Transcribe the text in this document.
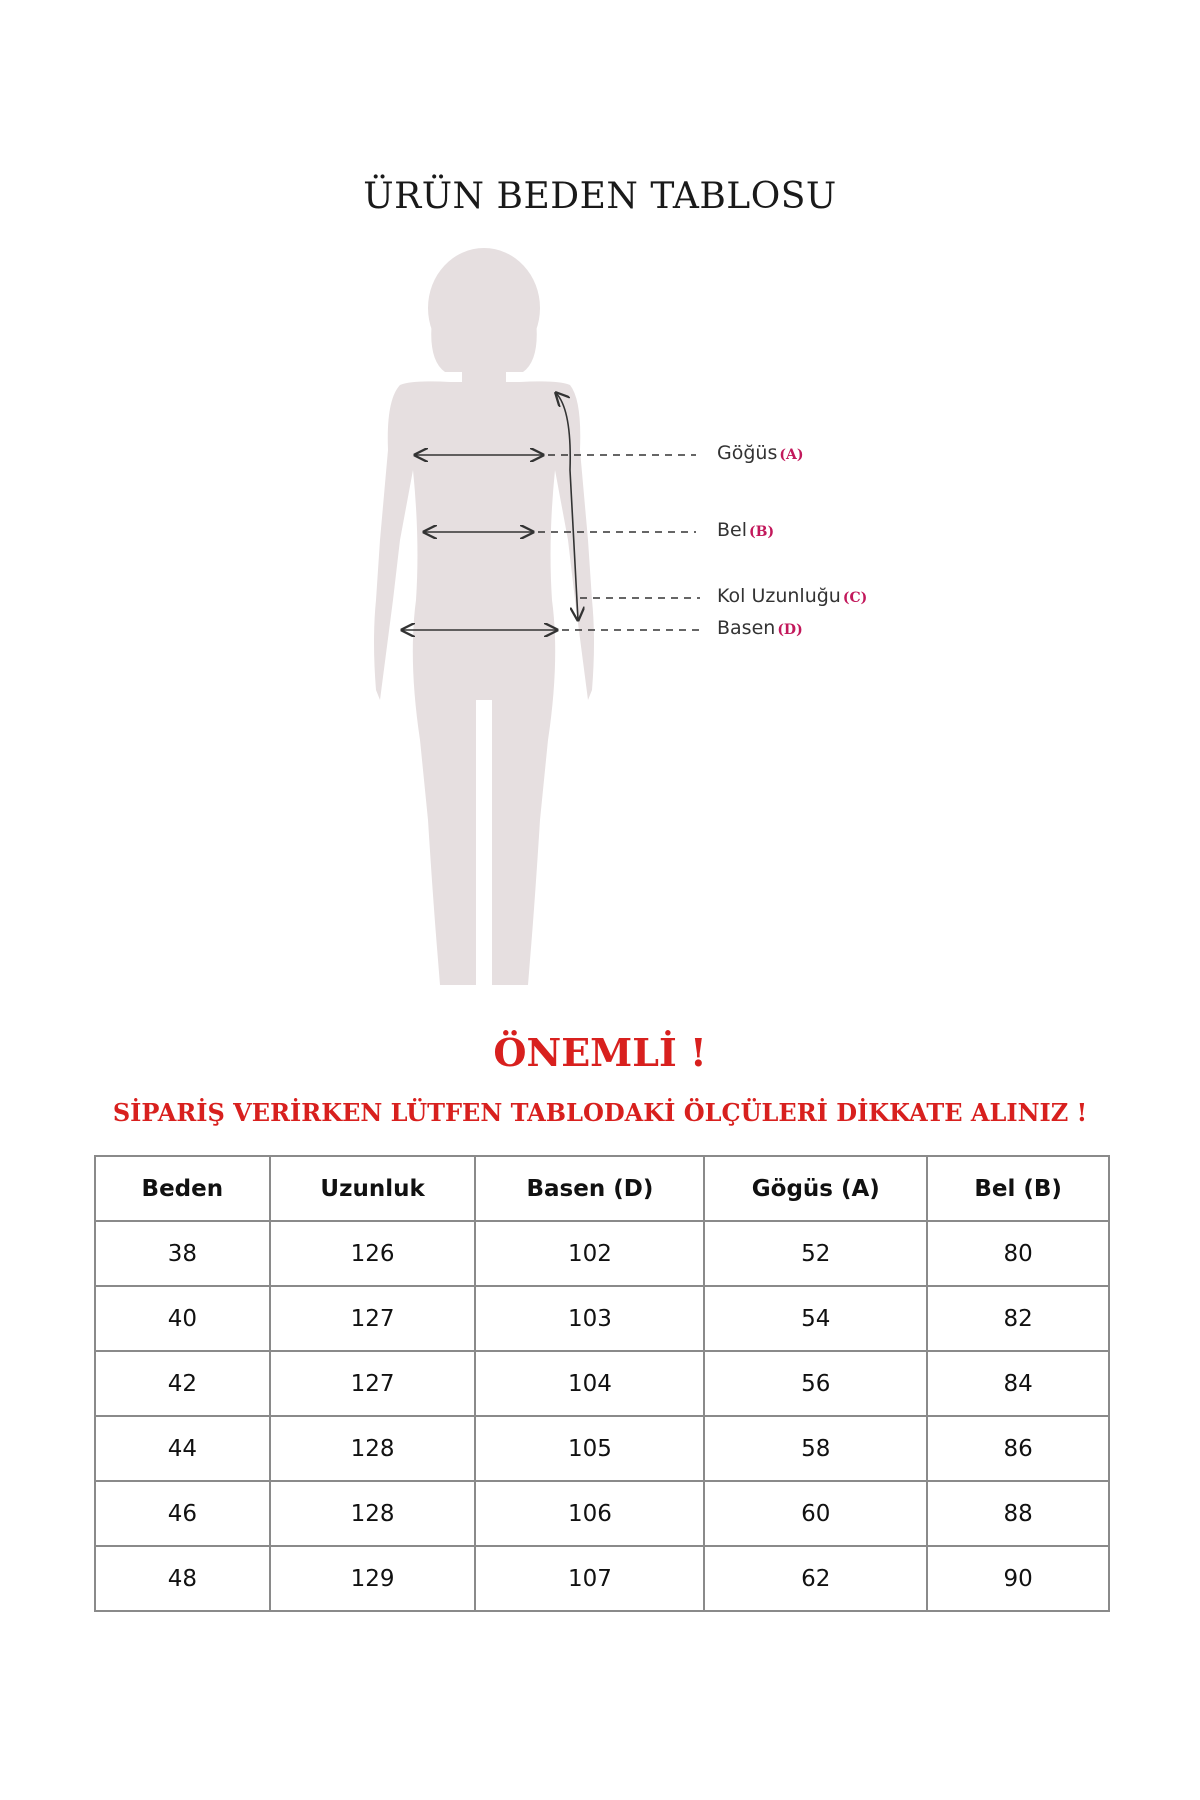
ÜRÜN BEDEN TABLOSU
Göğüs (A)
Bel (B)
Kol Uzunluğu (C)
Basen (D)
ÖNEMLİ !
SİPARİŞ VERİRKEN LÜTFEN TABLODAKİ ÖLÇÜLERİ DİKKATE ALINIZ !
Beden	Uzunluk	Basen (D)	Gögüs (A)	Bel (B)
38	126	102	52	80
40	127	103	54	82
42	127	104	56	84
44	128	105	58	86
46	128	106	60	88
48	129	107	62	90
